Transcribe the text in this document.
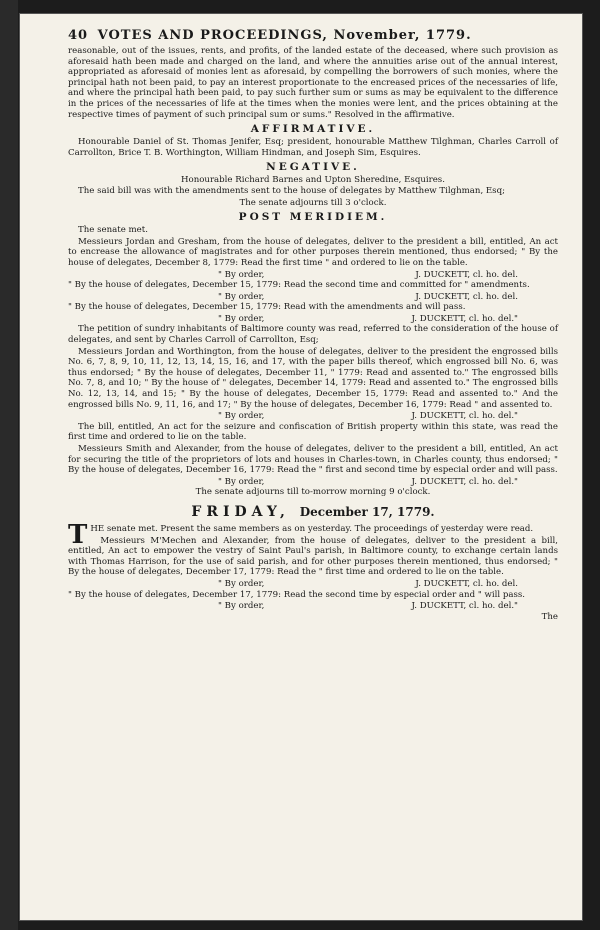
40 VOTES AND PROCEEDINGS, November, 1779.

reasonable, out of the issues, rents, and profits, of the landed estate of the deceased, where such provision as aforesaid hath been made and charged on the land, and where the annuities arise out of the annual interest, appropriated as aforesaid of monies lent as aforesaid, by compelling the borrowers of such monies, where the principal hath not been paid, to pay an interest proportionate to the encreased prices of the necessaries of life, and where the principal hath been paid, to pay such further sum or sums as may be equivalent to the difference in the prices of the necessaries of life at the times when the monies were lent, and the prices obtaining at the respective times of payment of such principal sum or sums." Resolved in the affirmative.

AFFIRMATIVE.

Honourable Daniel of St. Thomas Jenifer, Esq; president, honourable Matthew Tilghman, Charles Carroll of Carrollton, Brice T. B. Worthington, William Hindman, and Joseph Sim, Esquires.

NEGATIVE.

Honourable Richard Barnes and Upton Sheredine, Esquires.

The said bill was with the amendments sent to the house of delegates by Matthew Tilghman, Esq;

The senate adjourns till 3 o'clock.

POST MERIDIEM.

The senate met.

Messieurs Jordan and Gresham, from the house of delegates, deliver to the president a bill, entitled, An act to encrease the allowance of magistrates and for other purposes therein mentioned, thus endorsed; " By the house of delegates, December 8, 1779: Read the first time " and ordered to lie on the table.

" By order,	J. DUCKETT, cl. ho. del.

" By the house of delegates, December 15, 1779: Read the second time and committed for " amendments.

" By order,	J. DUCKETT, cl. ho. del.

" By the house of delegates, December 15, 1779: Read with the amendments and will pass.

" By order,	J. DUCKETT, cl. ho. del."

The petition of sundry inhabitants of Baltimore county was read, referred to the consideration of the house of delegates, and sent by Charles Carroll of Carrollton, Esq;

Messieurs Jordan and Worthington, from the house of delegates, deliver to the president the engrossed bills No. 6, 7, 8, 9, 10, 11, 12, 13, 14, 15, 16, and 17, with the paper bills thereof, which engrossed bill No. 6, was thus endorsed; " By the house of delegates, December 11, " 1779: Read and assented to." The engrossed bills No. 7, 8, and 10; " By the house of " delegates, December 14, 1779: Read and assented to." The engrossed bills No. 12, 13, 14, and 15; " By the house of delegates, December 15, 1779: Read and assented to." And the engrossed bills No. 9, 11, 16, and 17; " By the house of delegates, December 16, 1779: Read " and assented to.

" By order,	J. DUCKETT, cl. ho. del."

The bill, entitled, An act for the seizure and confiscation of British property within this state, was read the first time and ordered to lie on the table.

Messieurs Smith and Alexander, from the house of delegates, deliver to the president a bill, entitled, An act for securing the title of the proprietors of lots and houses in Charles-town, in Charles county, thus endorsed; " By the house of delegates, December 16, 1779: Read the " first and second time by especial order and will pass.

" By order,	J. DUCKETT, cl. ho. del."

The senate adjourns till to-morrow morning 9 o'clock.

FRIDAY, December 17, 1779.

T HE senate met. Present the same members as on yesterday. The proceedings of yesterday were read.

Messieurs M'Mechen and Alexander, from the house of delegates, deliver to the president a bill, entitled, An act to empower the vestry of Saint Paul's parish, in Baltimore county, to exchange certain lands with Thomas Harrison, for the use of said parish, and for other purposes therein mentioned, thus endorsed; " By the house of delegates, December 17, 1779: Read the " first time and ordered to lie on the table.

" By order,	J. DUCKETT, cl. ho. del.

" By the house of delegates, December 17, 1779: Read the second time by especial order and " will pass.

" By order,	J. DUCKETT, cl. ho. del."
The
